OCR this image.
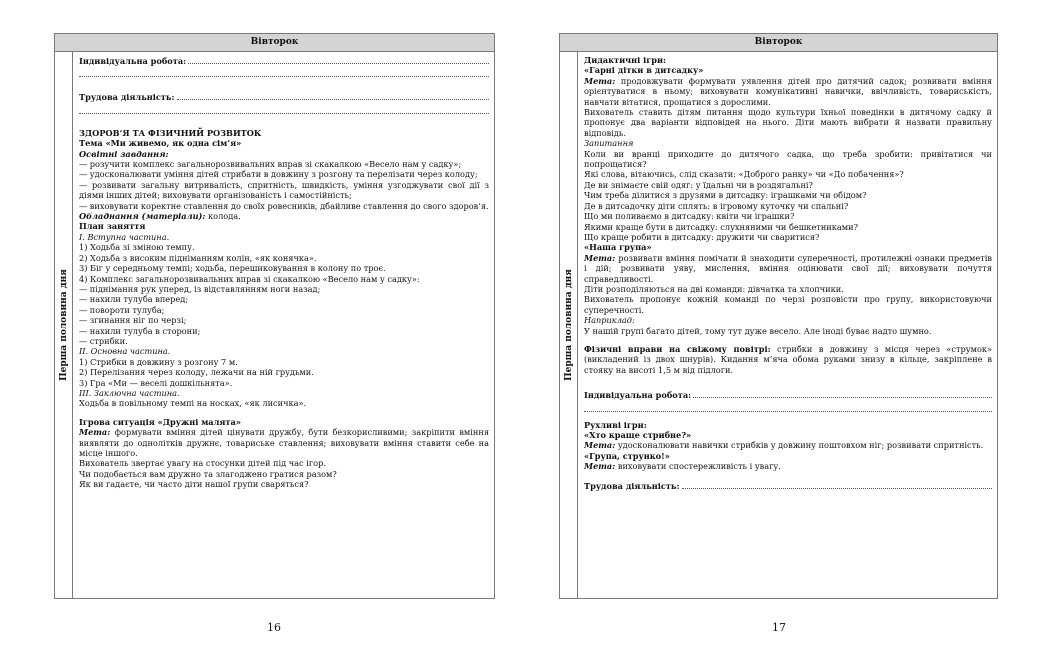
Вівторок
Перша половина дня
Індивідуальна робота:
Трудова діяльність:

ЗДОРОВ’Я ТА ФІЗИЧНИЙ РОЗВИТОК

Тема «Ми живемо, як одна сім’я»

Освітні завдання:

— розучити комплекс загальнорозвивальних вправ зі скакалкою «Весело нам у садку»;

— удосконалювати уміння дітей стрибати в довжину з розгону та перелізати через колоду;

— розвивати загальну витривалість, спритність, швидкість, уміння узгоджувати свої дії з діями інших дітей; виховувати організованість і самостійність;

— виховувати коректне ставлення до своїх ровесників, дбайливе ставлення до свого здоров’я.

Обладнання (матеріали): колода.

План заняття

І. Вступна частина.

1) Ходьба зі зміною темпу.

2) Ходьба з високим підніманням колін, «як конячка».

3) Біг у середньому темпі; ходьба, перешиковування в колону по троє.

4) Комплекс загальнорозвивальних вправ зі скакалкою «Весело нам у садку»:

— піднімання рук уперед, із відставлянням ноги назад;

— нахили тулуба вперед;

— повороти тулуба;

— згинання ніг по черзі;

— нахили тулуба в сторони;

— стрибки.

ІІ. Основна частина.

1) Стрибки в довжину з розгону 7 м.

2) Перелізання через колоду, лежачи на ній грудьми.

3) Гра «Ми — веселі дошкільнята».

ІІІ. Заключна частина.

Ходьба в повільному темпі на носках, «як лисичка».

Ігрова ситуація «Дружні малята»

Мета: формувати вміння дітей цінувати дружбу, бути безкорисливими; закріпити вміння виявляти до однолітків дружнє, товариське ставлення; виховувати вміння ставити себе на місце іншого.

Вихователь звертає увагу на стосунки дітей під час ігор.

Чи подобається вам дружно та злагоджено гратися разом?

Як ви гадаєте, чи часто діти нашої групи сваряться?

16
Вівторок
Перша половина дня

Дидактичні ігри:

«Гарні дітки в дитсадку»

Мета: продовжувати формувати уявлення дітей про дитячий садок; розвивати вміння орієнтуватися в ньому; виховувати комунікативні навички, ввічливість, товариськість, навчати вітатися, прощатися з дорослими.

Вихователь ставить дітям питання щодо культури їхньої поведінки в дитячому садку й пропонує два варіанти відповідей на нього. Діти мають вибрати й назвати правильну відповідь.

Запитання

Коли ви вранці приходите до дитячого садка, що треба зробити: привітатися чи попрощатися?

Які слова, вітаючись, слід сказати: «Доброго ранку» чи «До побачення»?

Де ви знімаєте свій одяг: у їдальні чи в роздягальні?

Чим треба ділитися з друзями в дитсадку: іграшками чи обідом?

Де в дитсадочку діти сплять: в ігровому куточку чи спальні?

Що ми поливаємо в дитсадку: квіти чи іграшки?

Якими краще бути в дитсадку: слухняними чи бешкетниками?

Що краще робити в дитсадку: дружити чи сваритися?

«Наша група»

Мета: розвивати вміння помічати й знаходити суперечності, протилежні ознаки предметів і дій; розвивати уяву, мислення, вміння оцінювати свої дії; виховувати почуття справедливості.

Діти розподіляються на дві команди: дівчатка та хлопчики.

Вихователь пропонує кожній команді по черзі розповісти про групу, використовуючи суперечності.

Наприклад:

У нашій групі багато дітей, тому тут дуже весело. Але іноді буває надто шумно.

Фізичні вправи на свіжому повітрі: стрибки в довжину з місця через «струмок» (викладений із двох шнурів). Кидання м’яча обома руками знизу в кільце, закріплене в стояку на висоті 1,5 м від підлоги.

Індивідуальна робота:

Рухливі ігри:

«Хто краще стрибне?»

Мета: удосконалювати навички стрибків у довжину поштовхом ніг; розвивати спритність.

«Група, струнко!»

Мета: виховувати спостережливість і увагу.

Трудова діяльність:
17
